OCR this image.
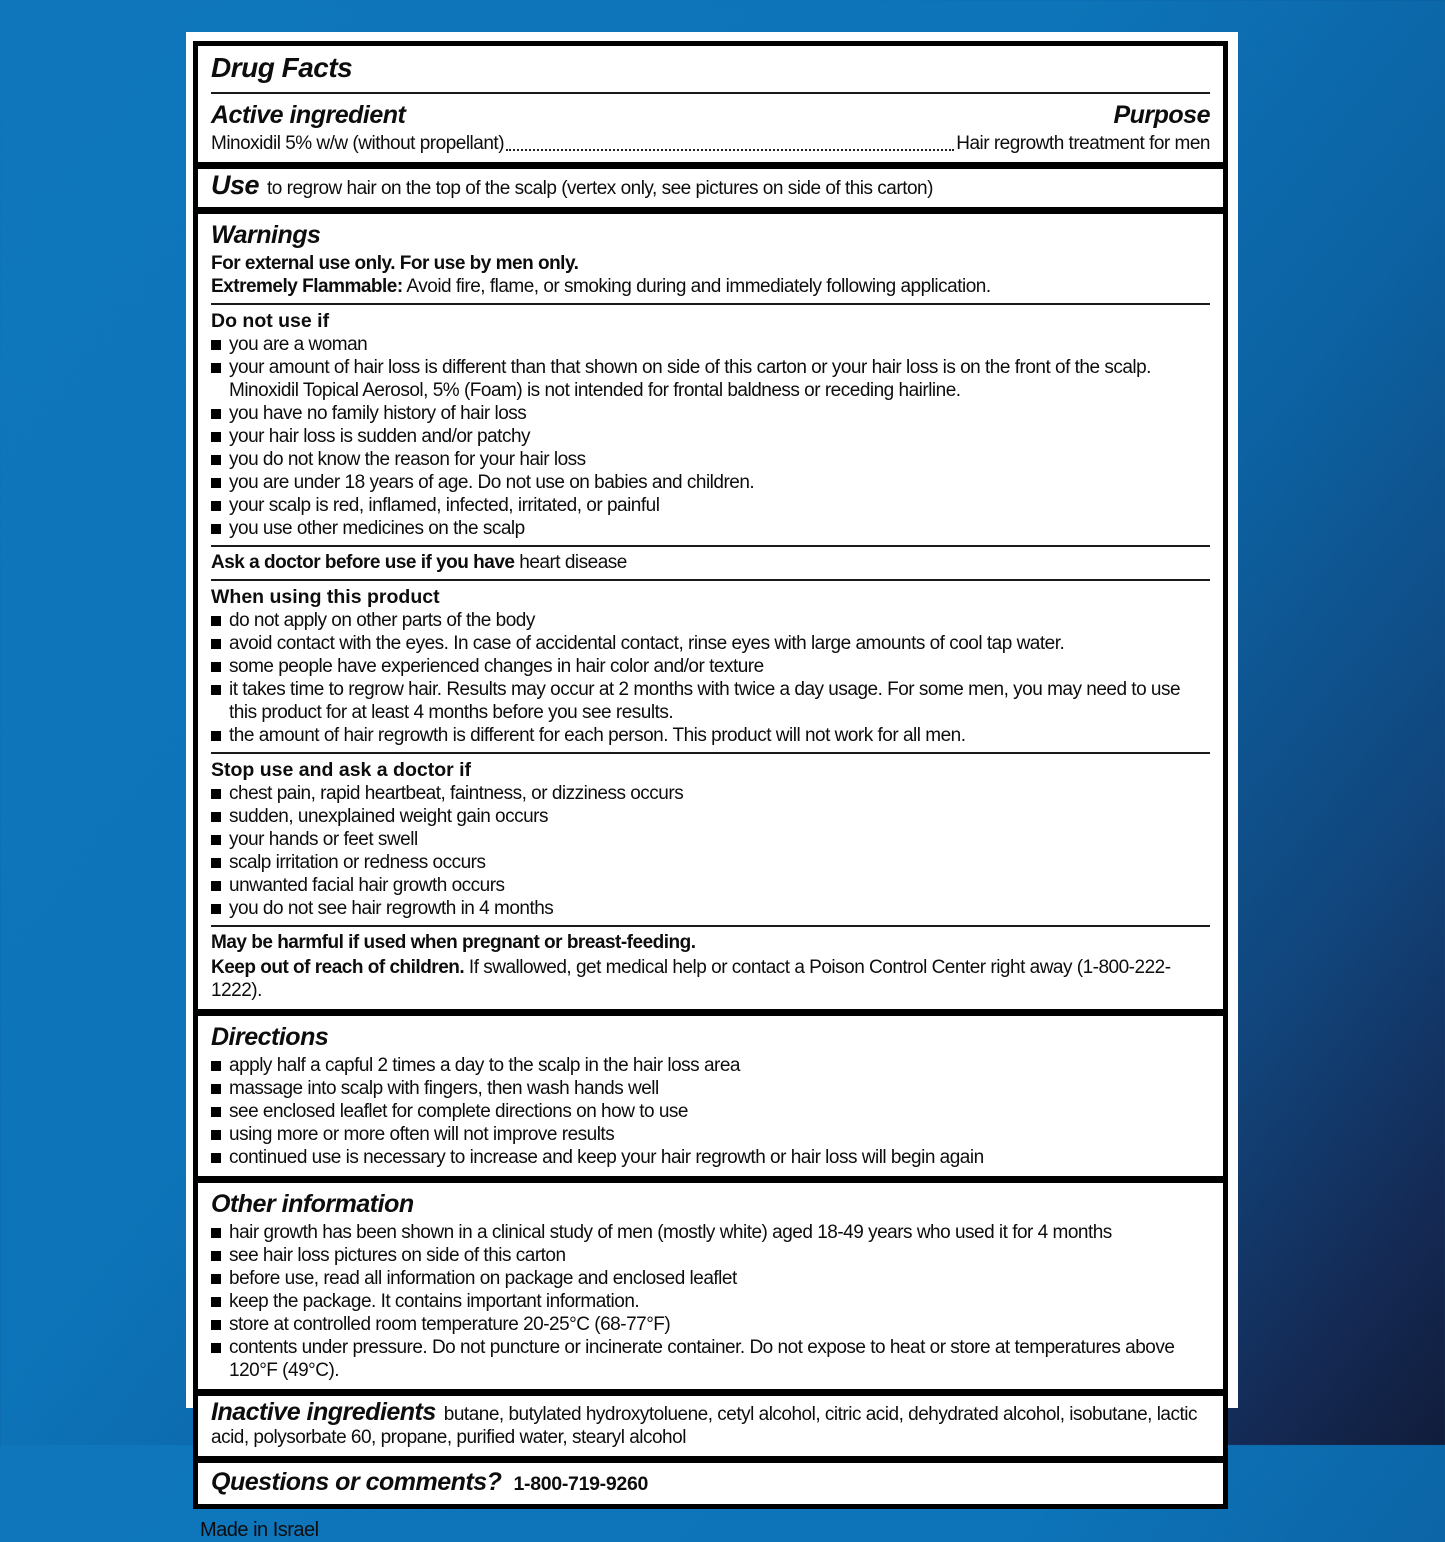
Drug Facts
Active ingredient	Purpose
Minoxidil 5% w/w (without propellant)	Hair regrowth treatment for men

Use to regrow hair on the top of the scalp (vertex only, see pictures on side of this carton)

Warnings

For external use only. For use by men only.

Extremely Flammable: Avoid fire, flame, or smoking during and immediately following application.

Do not use if

you are a woman
your amount of hair loss is different than that shown on side of this carton or your hair loss is on the front of the scalp. Minoxidil Topical Aerosol, 5% (Foam) is not intended for frontal baldness or receding hairline.
you have no family history of hair loss
your hair loss is sudden and/or patchy
you do not know the reason for your hair loss
you are under 18 years of age. Do not use on babies and children.
your scalp is red, inflamed, infected, irritated, or painful
you use other medicines on the scalp

Ask a doctor before use if you have heart disease

When using this product

do not apply on other parts of the body
avoid contact with the eyes. In case of accidental contact, rinse eyes with large amounts of cool tap water.
some people have experienced changes in hair color and/or texture
it takes time to regrow hair. Results may occur at 2 months with twice a day usage. For some men, you may need to use this product for at least 4 months before you see results.
the amount of hair regrowth is different for each person. This product will not work for all men.

Stop use and ask a doctor if

chest pain, rapid heartbeat, faintness, or dizziness occurs
sudden, unexplained weight gain occurs
your hands or feet swell
scalp irritation or redness occurs
unwanted facial hair growth occurs
you do not see hair regrowth in 4 months

May be harmful if used when pregnant or breast-feeding.

Keep out of reach of children. If swallowed, get medical help or contact a Poison Control Center right away (1-800-222-1222).

Directions
apply half a capful 2 times a day to the scalp in the hair loss area
massage into scalp with fingers, then wash hands well
see enclosed leaflet for complete directions on how to use
using more or more often will not improve results
continued use is necessary to increase and keep your hair regrowth or hair loss will begin again
Other information
hair growth has been shown in a clinical study of men (mostly white) aged 18-49 years who used it for 4 months
see hair loss pictures on side of this carton
before use, read all information on package and enclosed leaflet
keep the package. It contains important information.
store at controlled room temperature 20-25°C (68-77°F)
contents under pressure. Do not puncture or incinerate container. Do not expose to heat or store at temperatures above 120°F (49°C).

Inactive ingredients butane, butylated hydroxytoluene, cetyl alcohol, citric acid, dehydrated alcohol, isobutane, lactic acid, polysorbate 60, propane, purified water, stearyl alcohol

Questions or comments? 1-800-719-9260

Made in Israel
